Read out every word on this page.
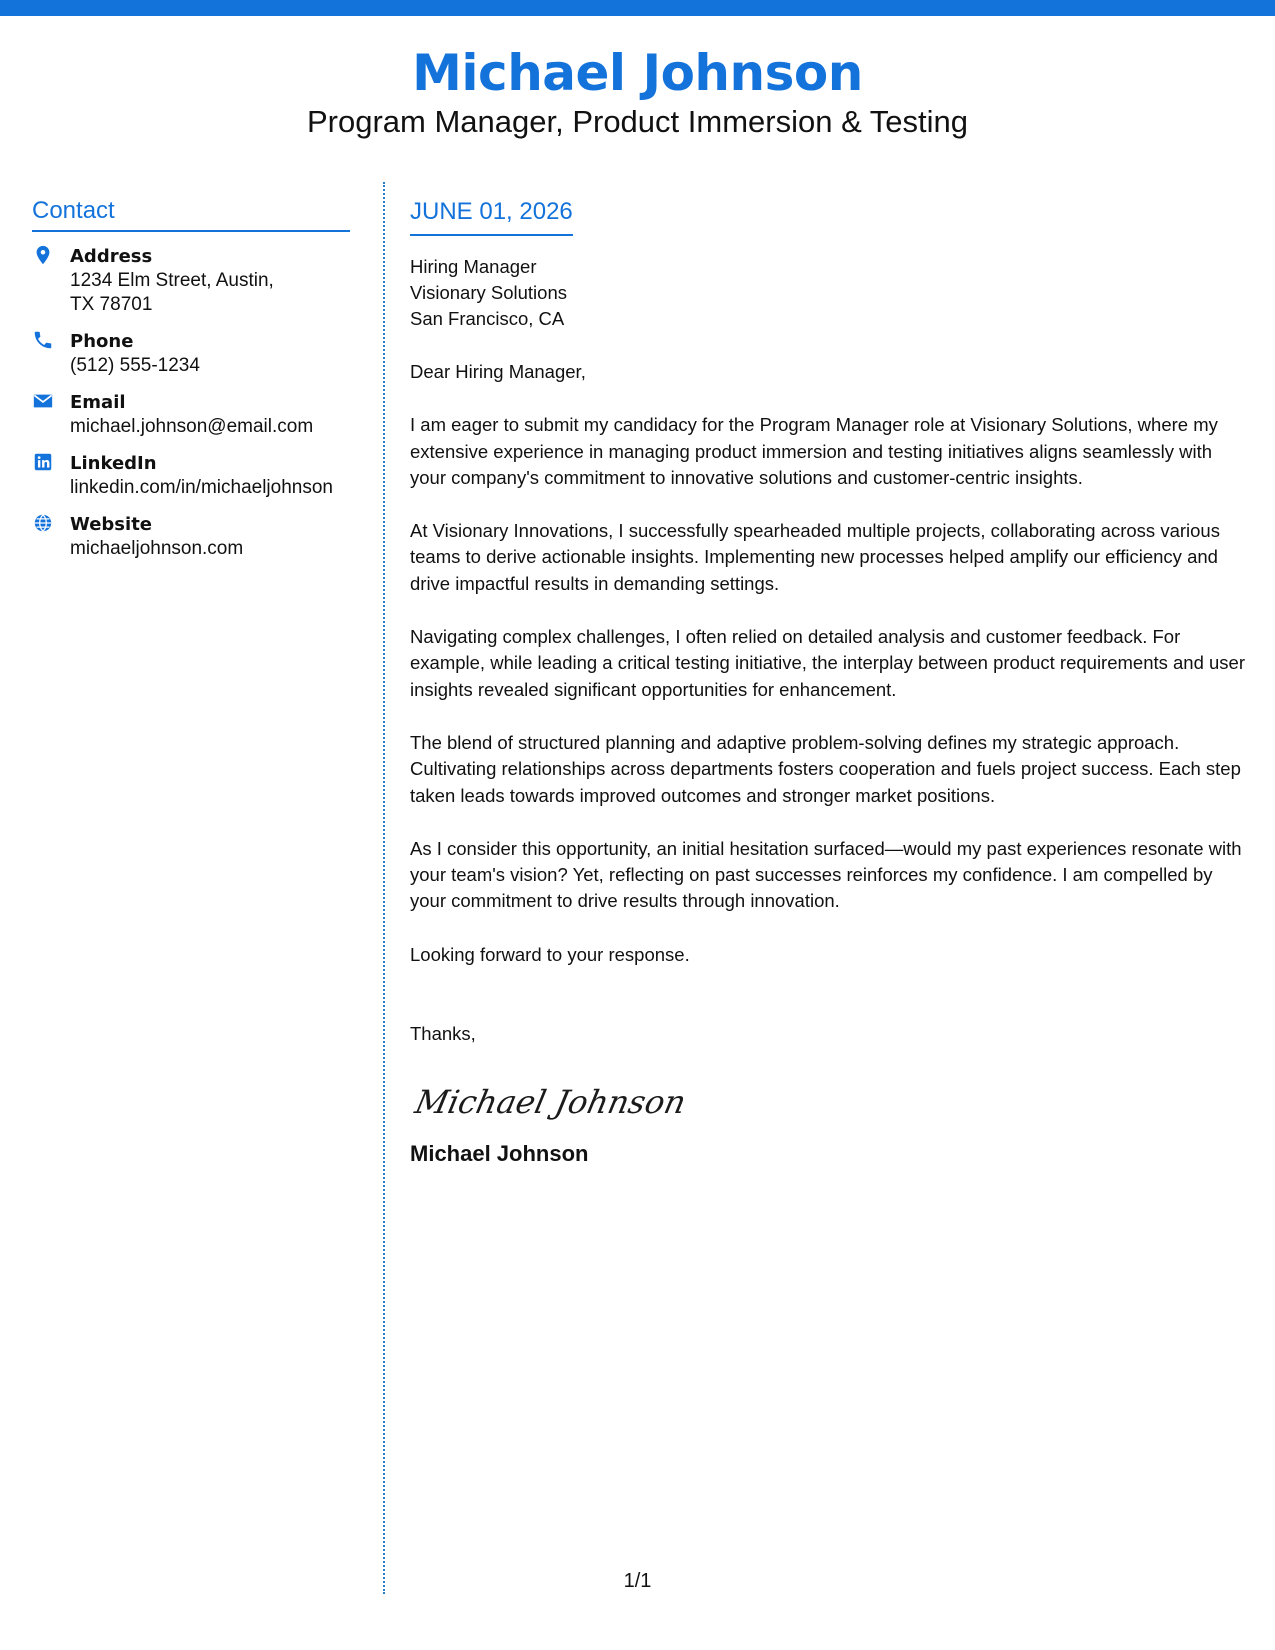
Michael Johnson
Program Manager, Product Immersion & Testing
Contact
Address
1234 Elm Street, Austin, TX 78701
Phone
(512) 555-1234
Email
michael.johnson@email.com
LinkedIn
linkedin.com/in/michaeljohnson
Website
michaeljohnson.com
JUNE 01, 2026
Hiring Manager
Visionary Solutions
San Francisco, CA

Dear Hiring Manager,

I am eager to submit my candidacy for the Program Manager role at Visionary Solutions, where my extensive experience in managing product immersion and testing initiatives aligns seamlessly with your company's commitment to innovative solutions and customer-centric insights.

At Visionary Innovations, I successfully spearheaded multiple projects, collaborating across various teams to derive actionable insights. Implementing new processes helped amplify our efficiency and drive impactful results in demanding settings.

Navigating complex challenges, I often relied on detailed analysis and customer feedback. For example, while leading a critical testing initiative, the interplay between product requirements and user insights revealed significant opportunities for enhancement.

The blend of structured planning and adaptive problem-solving defines my strategic approach. Cultivating relationships across departments fosters cooperation and fuels project success. Each step taken leads towards improved outcomes and stronger market positions.

As I consider this opportunity, an initial hesitation surfaced—would my past experiences resonate with your team's vision? Yet, reflecting on past successes reinforces my confidence. I am compelled by your commitment to drive results through innovation.

Looking forward to your response.

Thanks,

Michael Johnson
Michael Johnson
1/1
